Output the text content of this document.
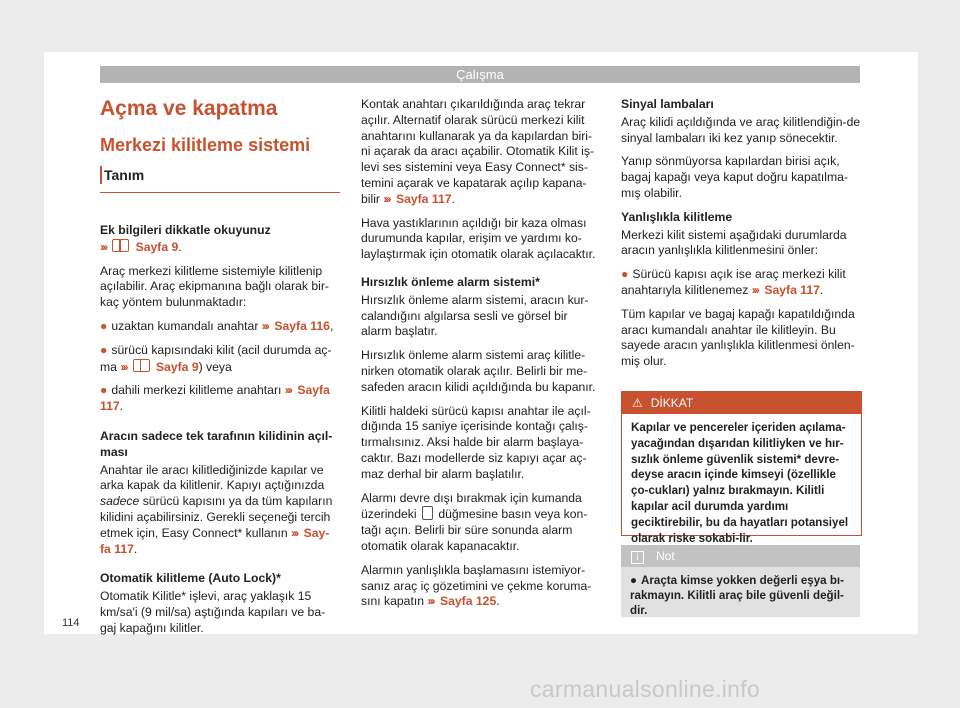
Çalışma
Açma ve kapatma
Merkezi kilitleme sistemi
Tanım

Ek bilgileri dikkatle okuyunuz
››› Sayfa 9.

Araç merkezi kilitleme sistemiyle kilitlenip açılabilir. Araç ekipmanına bağlı olarak bir-kaç yöntem bulunmaktadır:

● uzaktan kumandalı anahtar ››› Sayfa 116,

● sürücü kapısındaki kilit (acil durumda aç-ma ››› Sayfa 9) veya

● dahili merkezi kilitleme anahtarı ››› Sayfa 117.

Aracın sadece tek tarafının kilidinin açıl-ması

Anahtar ile aracı kilitlediğinizde kapılar ve arka kapak da kilitlenir. Kapıyı açtığınızda sadece sürücü kapısını ya da tüm kapıların kilidini açabilirsiniz. Gerekli seçeneği tercih etmek için, Easy Connect* kullanın ››› Say-fa 117.

Otomatik kilitleme (Auto Lock)*

Otomatik Kilitle* işlevi, araç yaklaşık 15 km/sa'i (9 mil/sa) aştığında kapıları ve ba-gaj kapağını kilitler.

Kontak anahtarı çıkarıldığında araç tekrar açılır. Alternatif olarak sürücü merkezi kilit anahtarını kullanarak ya da kapılardan biri-ni açarak da aracı açabilir. Otomatik Kilit iş-levi ses sistemini veya Easy Connect* sis-temini açarak ve kapatarak açılıp kapana-bilir ››› Sayfa 117.

Hava yastıklarının açıldığı bir kaza olması durumunda kapılar, erişim ve yardımı ko-laylaştırmak için otomatik olarak açılacaktır.

Hırsızlık önleme alarm sistemi*

Hırsızlık önleme alarm sistemi, aracın kur-calandığını algılarsa sesli ve görsel bir alarm başlatır.

Hırsızlık önleme alarm sistemi araç kilitle-nirken otomatik olarak açılır. Belirli bir me-safeden aracın kilidi açıldığında bu kapanır.

Kilitli haldeki sürücü kapısı anahtar ile açıl-dığında 15 saniye içerisinde kontağı çalış-tırmalısınız. Aksi halde bir alarm başlaya-caktır. Bazı modellerde siz kapıyı açar aç-maz derhal bir alarm başlatılır.

Alarmı devre dışı bırakmak için kumanda üzerindeki düğmesine basın veya kon-tağı açın. Belirli bir süre sonunda alarm otomatik olarak kapanacaktır.

Alarmın yanlışlıkla başlamasını istemiyor-sanız araç iç gözetimini ve çekme koruma-sını kapatın ››› Sayfa 125.

Sinyal lambaları

Araç kilidi açıldığında ve araç kilitlendiğin-de sinyal lambaları iki kez yanıp sönecektir.

Yanıp sönmüyorsa kapılardan birisi açık, bagaj kapağı veya kaput doğru kapatılma-mış olabilir.

Yanlışlıkla kilitleme

Merkezi kilit sistemi aşağıdaki durumlarda aracın yanlışlıkla kilitlenmesini önler:

● Sürücü kapısı açık ise araç merkezi kilit anahtarıyla kilitlenemez ››› Sayfa 117.

Tüm kapılar ve bagaj kapağı kapatıldığında aracı kumandalı anahtar ile kilitleyin. Bu sayede aracın yanlışlıkla kilitlenmesi önlen-miş olur.

⚠ DİKKAT
Kapılar ve pencereler içeriden açılama-yacağından dışarıdan kilitliyken ve hır-sızlık önleme güvenlik sistemi* devre-deyse aracın içinde kimseyi (özellikle ço-cukları) yalnız bırakmayın. Kilitli kapılar acil durumda yardımı geciktirebilir, bu da hayatları potansiyel olarak riske sokabi-lir.
i Not
● Araçta kimse yokken değerli eşya bı-rakmayın. Kilitli araç bile güvenli değil-dir.
114
carmanualsonline.info
